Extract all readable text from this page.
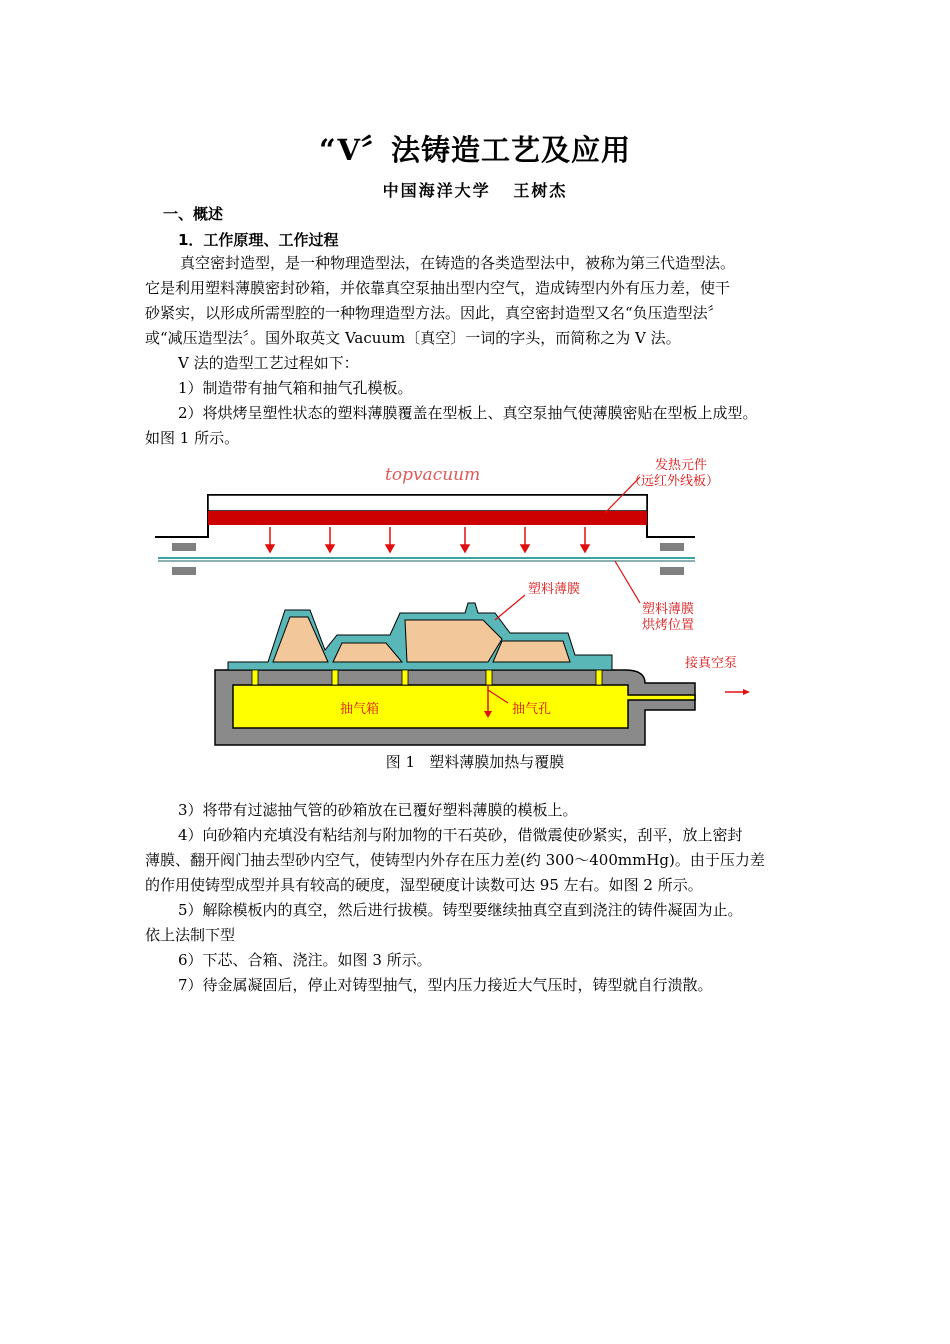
“V〞法铸造工艺及应用
中国海洋大学   王树杰
一、概述
1．工作原理、工作过程
真空密封造型，是一种物理造型法，在铸造的各类造型法中，被称为第三代造型法。
它是利用塑料薄膜密封砂箱，并依靠真空泵抽出型内空气，造成铸型内外有压力差，使干
砂紧实，以形成所需型腔的一种物理造型方法。因此，真空密封造型又名“负压造型法〞
或“减压造型法〞。国外取英文 Vacuum〔真空〕一词的字头，而简称之为 V 法。
V 法的造型工艺过程如下：
1）制造带有抽气箱和抽气孔模板。
2）将烘烤呈塑性状态的塑料薄膜覆盖在型板上、真空泵抽气使薄膜密贴在型板上成型。
如图 1 所示。
topvacuum	发热元件
（远红外线板）
塑料薄膜
塑料薄膜
烘烤位置
接真空泵
抽气箱	抽气孔
图 1   塑料薄膜加热与覆膜
3）将带有过滤抽气管的砂箱放在已覆好塑料薄膜的模板上。
4）向砂箱内充填没有粘结剂与附加物的干石英砂，借微震使砂紧实，刮平，放上密封
薄膜、翻开阀门抽去型砂内空气，使铸型内外存在压力差(约 300～400mmHg)。由于压力差
的作用使铸型成型并具有较高的硬度，湿型硬度计读数可达 95 左右。如图 2 所示。
5）解除模板内的真空，然后进行拔模。铸型要继续抽真空直到浇注的铸件凝固为止。
依上法制下型
6）下芯、合箱、浇注。如图 3 所示。
7）待金属凝固后，停止对铸型抽气，型内压力接近大气压时，铸型就自行溃散。
